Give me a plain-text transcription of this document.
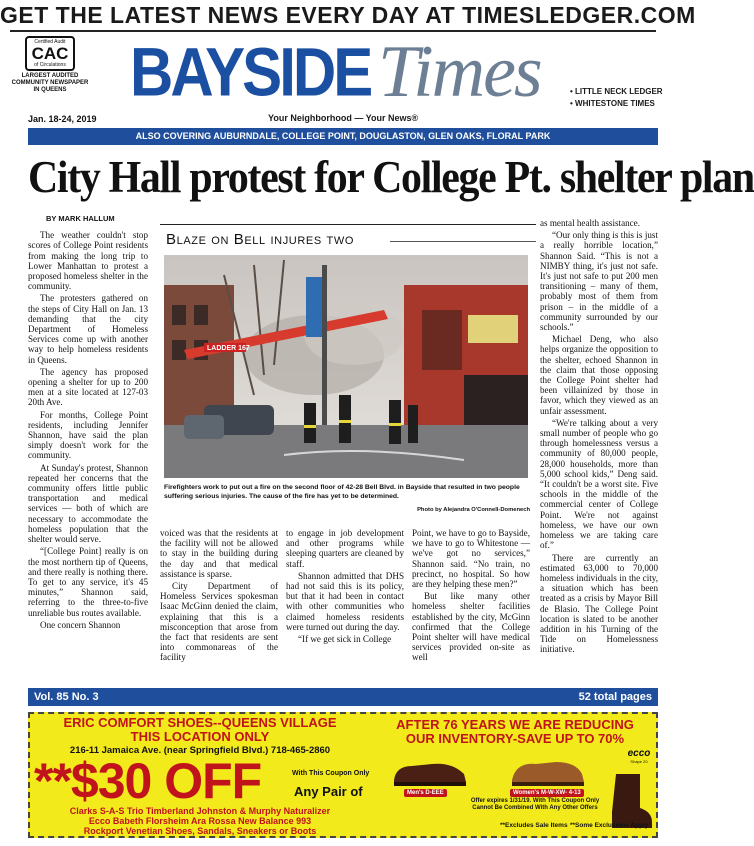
GET THE LATEST NEWS EVERY DAY AT TIMESLEDGER.COM
Certified Audit
CAC
of Circulations
LARGEST AUDITED COMMUNITY NEWSPAPER IN QUEENS	BAYSIDE Times
Jan. 18-24, 2019	Your Neighborhood — Your News®
• LITTLE NECK LEDGER
• WHITESTONE TIMES
ALSO COVERING AUBURNDALE, COLLEGE POINT, DOUGLASTON, GLEN OAKS, FLORAL PARK
City Hall protest for College Pt. shelter plan
BY MARK HALLUM

The weather couldn't stop scores of College Point residents from making the long trip to Lower Manhattan to protest a proposed homeless shelter in the community.

The protesters gathered on the steps of City Hall on Jan. 13 demanding that the city Department of Homeless Services come up with another way to help homeless residents in Queens.

The agency has proposed opening a shelter for up to 200 men at a site located at 127-03 20th Ave.

For months, College Point residents, including Jennifer Shannon, have said the plan simply doesn't work for the community.

At Sunday's protest, Shannon repeated her concerns that the community offers little public transportation and medical services — both of which are necessary to accommodate the homeless population that the shelter would serve.

“[College Point] really is on the most northern tip of Queens, and there really is nothing there. To get to any service, it's 45 minutes,” Shannon said, referring to the three-to-five unreliable bus routes available.

One concern Shannon

Blaze on Bell injures two
LADDER 167
Firefighters work to put out a fire on the second floor of 42-28 Bell Blvd. in Bayside that resulted in two people suffering serious injuries. The cause of the fire has yet to be determined.
Photo by Alejandra O'Connell-Domenech

voiced was that the residents at the facility will not be allowed to stay in the building during the day and that medical assistance is sparse.

City Department of Homeless Services spokesman Isaac McGinn denied the claim, explaining that this is a misconception that arose from the fact that residents are sent into commonareas of the facility

to engage in job development and other programs while sleeping quarters are cleaned by staff.

Shannon admitted that DHS had not said this is its policy, but that it had been in contact with other communities who claimed homeless residents were turned out during the day.

“If we get sick in College

Point, we have to go to Bayside, we have to go to Whitestone — we've got no services,” Shannon said. “No train, no precinct, no hospital. So how are they helping these men?”

But like many other homeless shelter facilities established by the city, McGinn confirmed that the College Point shelter will have medical services provided on-site as well

as mental health assistance.

“Our only thing is this is just a really horrible location,” Shannon Said. “This is not a NIMBY thing, it's just not safe. It's just not safe to put 200 men transitioning – many of them, probably most of them from prison – in the middle of a community surrounded by our schools.”

Michael Deng, who also helps organize the opposition to the shelter, echoed Shannon in the claim that those opposing the College Point shelter had been villainized by those in favor, which they viewed as an unfair assessment.

“We're talking about a very small number of people who go through homelessness versus a community of 80,000 people, 28,000 households, more than 5,000 school kids,” Deng said. “It couldn't be a worst site. Five schools in the middle of the commercial center of College Point. We're not against homeless, we have our own homeless we are taking care of.”

There are currently an estimated 63,000 to 70,000 homeless individuals in the city, a situation which has been treated as a crisis by Mayor Bill de Blasio. The College Point location is slated to be another addition in his Turning of the Tide on Homelessness initiative.

Vol. 85 No. 3	52 total pages
ERIC COMFORT SHOES--QUEENS VILLAGE
THIS LOCATION ONLY
216-11 Jamaica Ave. (near Springfield Blvd.) 718-465-2860
**$30 OFF	With This Coupon Only
Any Pair of
Clarks S-A-S Trio Timberland Johnston & Murphy Naturalizer
Ecco Babeth Florsheim Ara Rossa New Balance 993
Rockport Venetian Shoes, Sandals, Sneakers or Boots
AFTER 76 YEARS WE ARE REDUCING
OUR INVENTORY-SAVE UP TO 70%
Men's D-EEE	Women's M-W-XW- 4-13
ecco
Shape 20
Offer expires 1/31/19. With This Coupon Only
Cannot Be Combined With Any Other Offers
**Excludes Sale Items **Some Exclusions Apply
